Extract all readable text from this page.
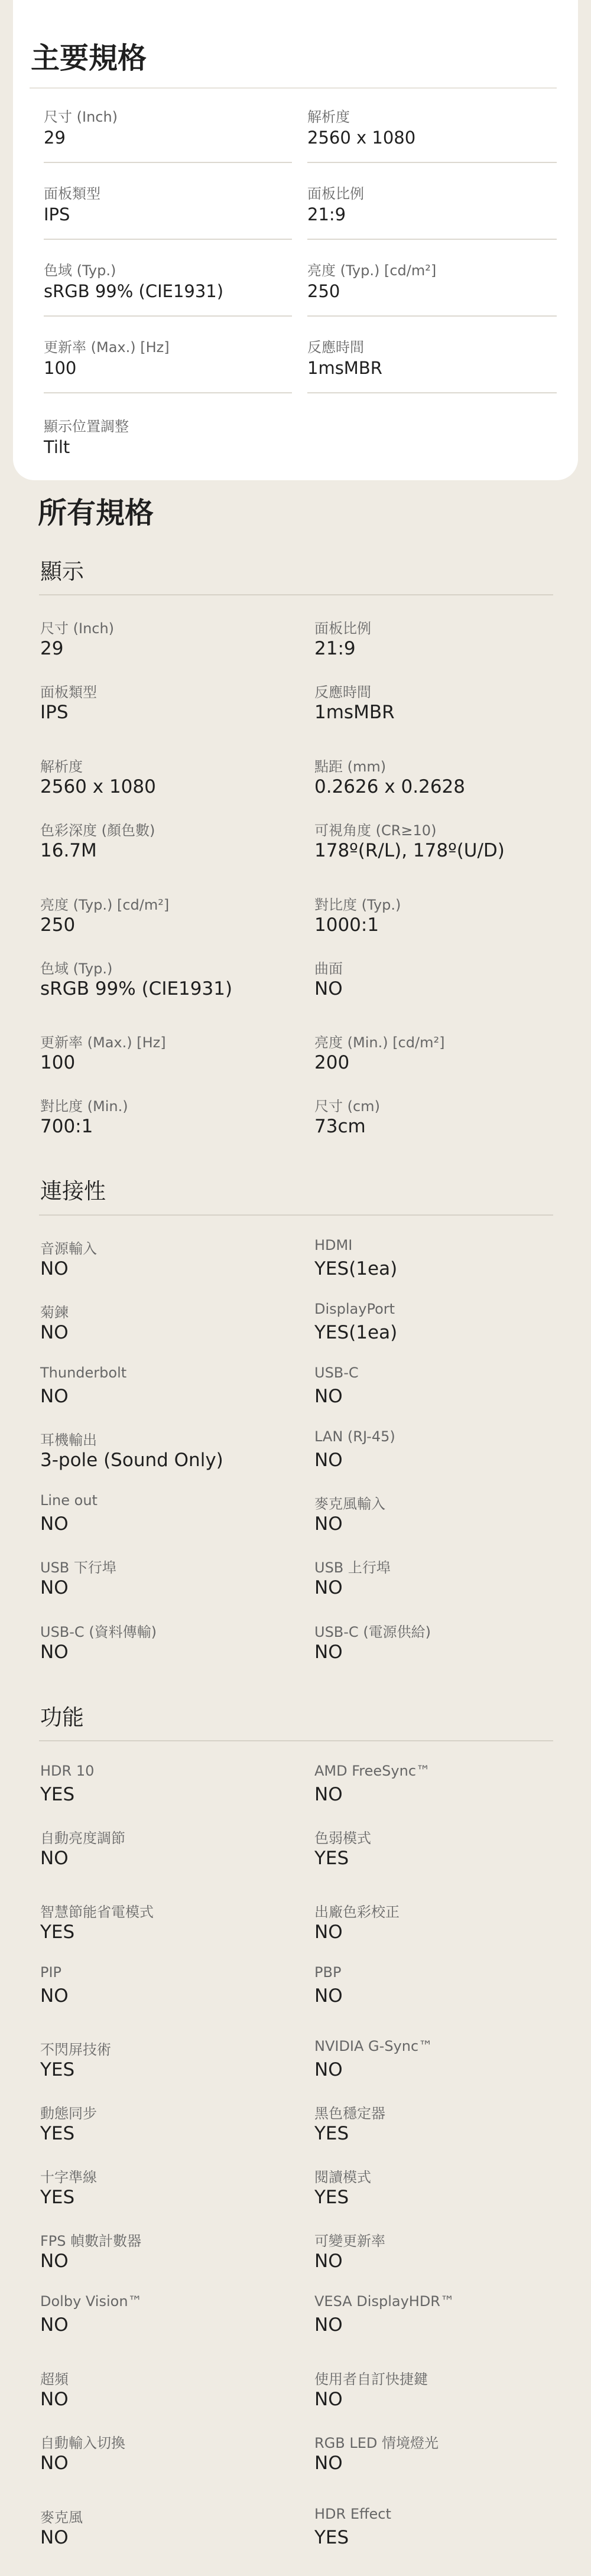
主要規格
尺寸 (Inch)
29
解析度
2560 x 1080
面板類型
IPS
面板比例
21:9
色域 (Typ.)
sRGB 99% (CIE1931)
亮度 (Typ.) [cd/m²]
250
更新率 (Max.) [Hz]
100
反應時間
1msMBR
顯示位置調整
Tilt
所有規格
顯示
尺寸 (Inch)
29
面板比例
21:9
面板類型
IPS
反應時間
1msMBR
解析度
2560 x 1080
點距 (mm)
0.2626 x 0.2628
色彩深度 (顏色數)
16.7M
可視角度 (CR≥10)
178º(R/L), 178º(U/D)
亮度 (Typ.) [cd/m²]
250
對比度 (Typ.)
1000:1
色域 (Typ.)
sRGB 99% (CIE1931)
曲面
NO
更新率 (Max.) [Hz]
100
亮度 (Min.) [cd/m²]
200
對比度 (Min.)
700:1
尺寸 (cm)
73cm
連接性
音源輸入
NO
HDMI
YES(1ea)
菊鍊
NO
DisplayPort
YES(1ea)
Thunderbolt
NO
USB-C
NO
耳機輸出
3-pole (Sound Only)
LAN (RJ-45)
NO
Line out
NO
麥克風輸入
NO
USB 下行埠
NO
USB 上行埠
NO
USB-C (資料傳輸)
NO
USB-C (電源供給)
NO
功能
HDR 10
YES
AMD FreeSync™
NO
自動亮度調節
NO
色弱模式
YES
智慧節能省電模式
YES
出廠色彩校正
NO
PIP
NO
PBP
NO
不閃屏技術
YES
NVIDIA G-Sync™
NO
動態同步
YES
黑色穩定器
YES
十字準線
YES
閱讀模式
YES
FPS 幀數計數器
NO
可變更新率
NO
Dolby Vision™
NO
VESA DisplayHDR™
NO
超頻
NO
使用者自訂快捷鍵
NO
自動輸入切換
NO
RGB LED 情境燈光
NO
麥克風
NO
HDR Effect
YES
